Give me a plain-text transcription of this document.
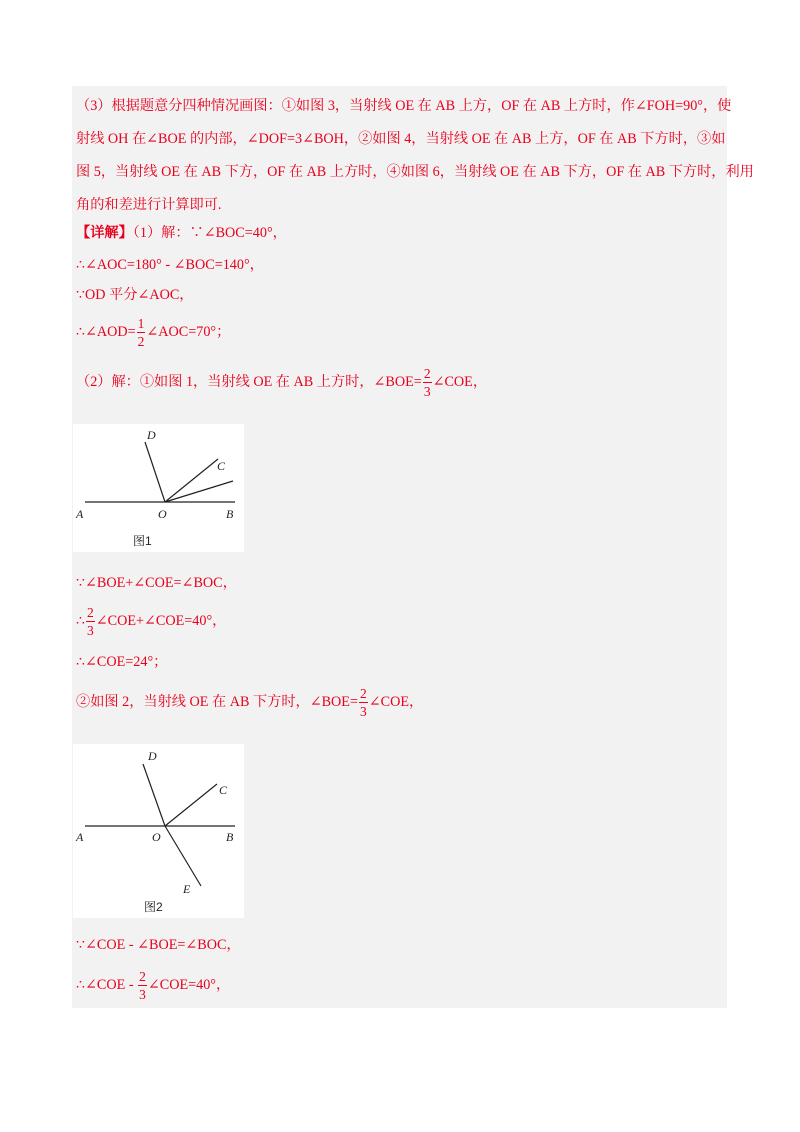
（3）根据题意分四种情况画图：①如图 3，当射线 OE 在 AB 上方，OF 在 AB 上方时，作∠FOH=90°，使
射线 OH 在∠BOE 的内部，∠DOF=3∠BOH，②如图 4，当射线 OE 在 AB 上方，OF 在 AB 下方时，③如
图 5，当射线 OE 在 AB 下方，OF 在 AB 上方时，④如图 6，当射线 OE 在 AB 下方，OF 在 AB 下方时，利用
角的和差进行计算即可.
【详解】（1）解：∵∠BOC=40°，
∴∠AOC=180° - ∠BOC=140°，
∵OD 平分∠AOC，
∴∠AOD= $\frac{1}{2}$ ∠AOC=70°；
（2）解：①如图 1，当射线 OE 在 AB 上方时，∠BOE= $\frac{2}{3}$ ∠COE，
D
C
A	O	B
图1
∵∠BOE+∠COE=∠BOC，
∴ $\frac{2}{3}$ ∠COE+∠COE=40°，
∴∠COE=24°；
②如图 2，当射线 OE 在 AB 下方时，∠BOE= $\frac{2}{3}$ ∠COE，
D
C
A	O	B
E
图2
∵∠COE - ∠BOE=∠BOC，
∴∠COE - $\frac{2}{3}$ ∠COE=40°，
